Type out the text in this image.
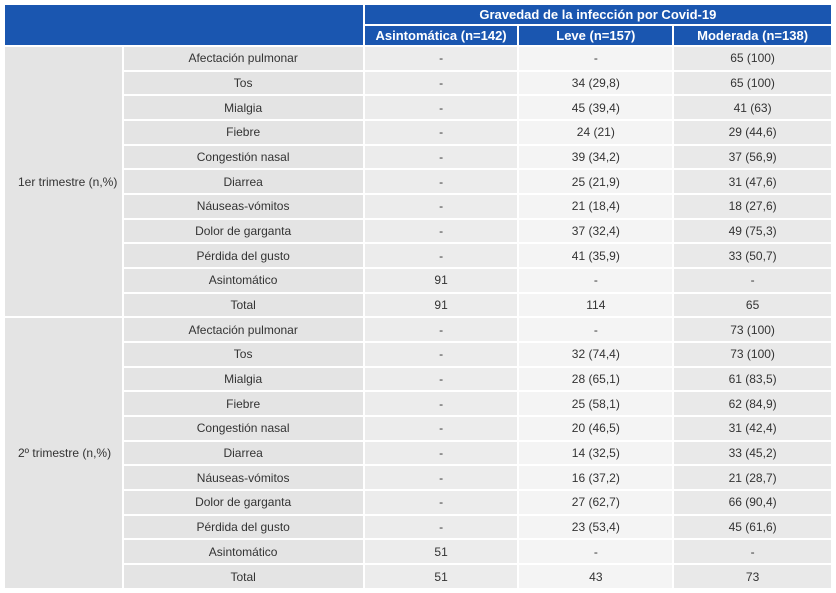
		Gravedad de la infección por Covid-19		
		Asintomática (n=142)	Leve (n=157)	Moderada (n=138)
1er trimestre (n,%)	Afectación pulmonar	-	-	65 (100)
	Tos	-	34 (29,8)	65 (100)
	Mialgia	-	45 (39,4)	41 (63)
	Fiebre	-	24 (21)	29 (44,6)
	Congestión nasal	-	39 (34,2)	37 (56,9)
	Diarrea	-	25 (21,9)	31 (47,6)
	Náuseas-vómitos	-	21 (18,4)	18 (27,6)
	Dolor de garganta	-	37 (32,4)	49 (75,3)
	Pérdida del gusto	-	41 (35,9)	33 (50,7)
	Asintomático	91	-	-
	Total	91	114	65
2º trimestre (n,%)	Afectación pulmonar	-	-	73 (100)
	Tos	-	32 (74,4)	73 (100)
	Mialgia	-	28 (65,1)	61 (83,5)
	Fiebre	-	25 (58,1)	62 (84,9)
	Congestión nasal	-	20 (46,5)	31 (42,4)
	Diarrea	-	14 (32,5)	33 (45,2)
	Náuseas-vómitos	-	16 (37,2)	21 (28,7)
	Dolor de garganta	-	27 (62,7)	66 (90,4)
	Pérdida del gusto	-	23 (53,4)	45 (61,6)
	Asintomático	51	-	-
	Total	51	43	73
